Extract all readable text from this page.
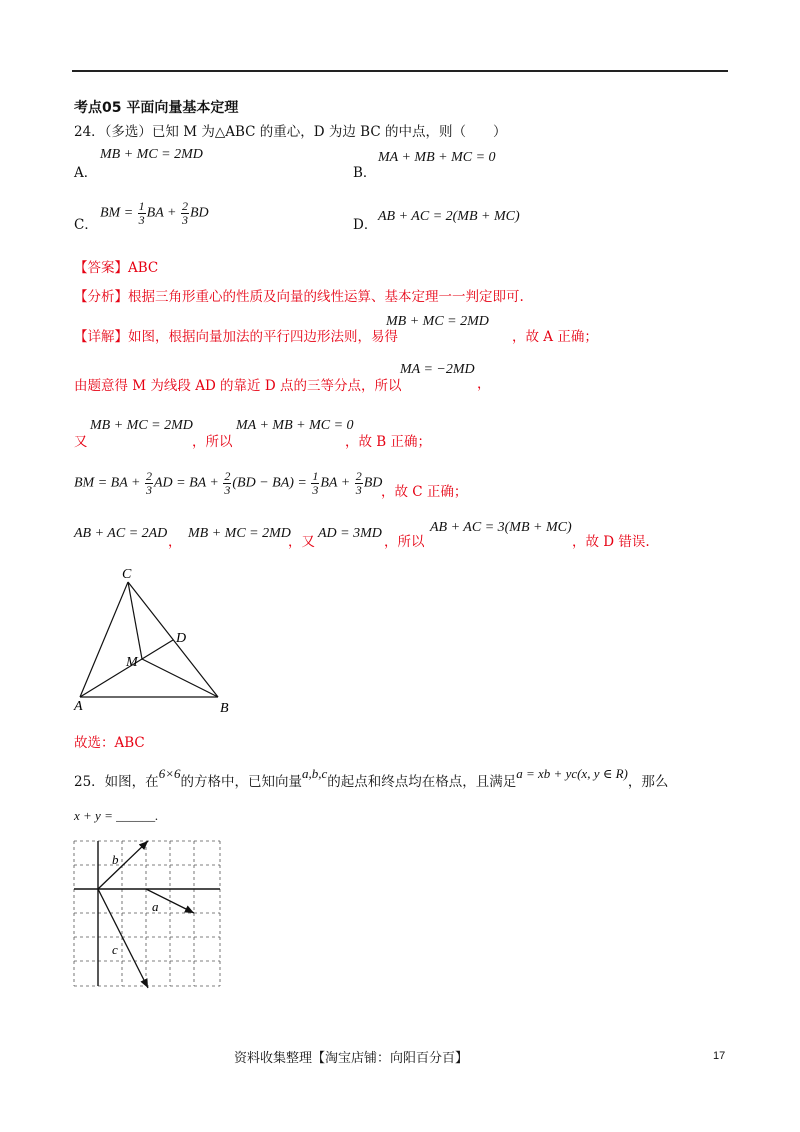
考点05 平面向量基本定理
24．（多选）已知 M 为△ABC 的重心，D 为边 BC 的中点，则（　　）
A．
MB + MC = 2MD
B．
MA + MB + MC = 0
C．
BM = $\frac{1}{3}$ BA + $\frac{2}{3}$ BD
D．
AB + AC = 2(MB + MC)
【答案】ABC
【分析】根据三角形重心的性质及向量的线性运算、基本定理一一判定即可.
【详解】如图，根据向量加法的平行四边形法则，易得
MB + MC = 2MD
，故 A 正确；
由题意得 M 为线段 AD 的靠近 D 点的三等分点，所以
MA = −2MD
，
又
MB + MC = 2MD
，所以
MA + MB + MC = 0
，故 B 正确；
BM = BA + $\frac{2}{3}$ AD = BA + $\frac{2}{3} (BD - BA) = \frac{1}{3}$ BA + $\frac{2}{3}$ BD
，故 C 正确；
AB + AC = 2AD
，
MB + MC = 2MD
，又
AD = 3MD
，所以
AB + AC = 3(MB + MC)
，故 D 错误.
C
D
M
A	B
故选：ABC
25．如图，在6×6的方格中，已知向量a,b,c的起点和终点均在格点，且满足a = xb + yc(x, y ∈ R)，那么
x + y = ______.
b
a
c
资料收集整理【淘宝店铺：向阳百分百】	17
